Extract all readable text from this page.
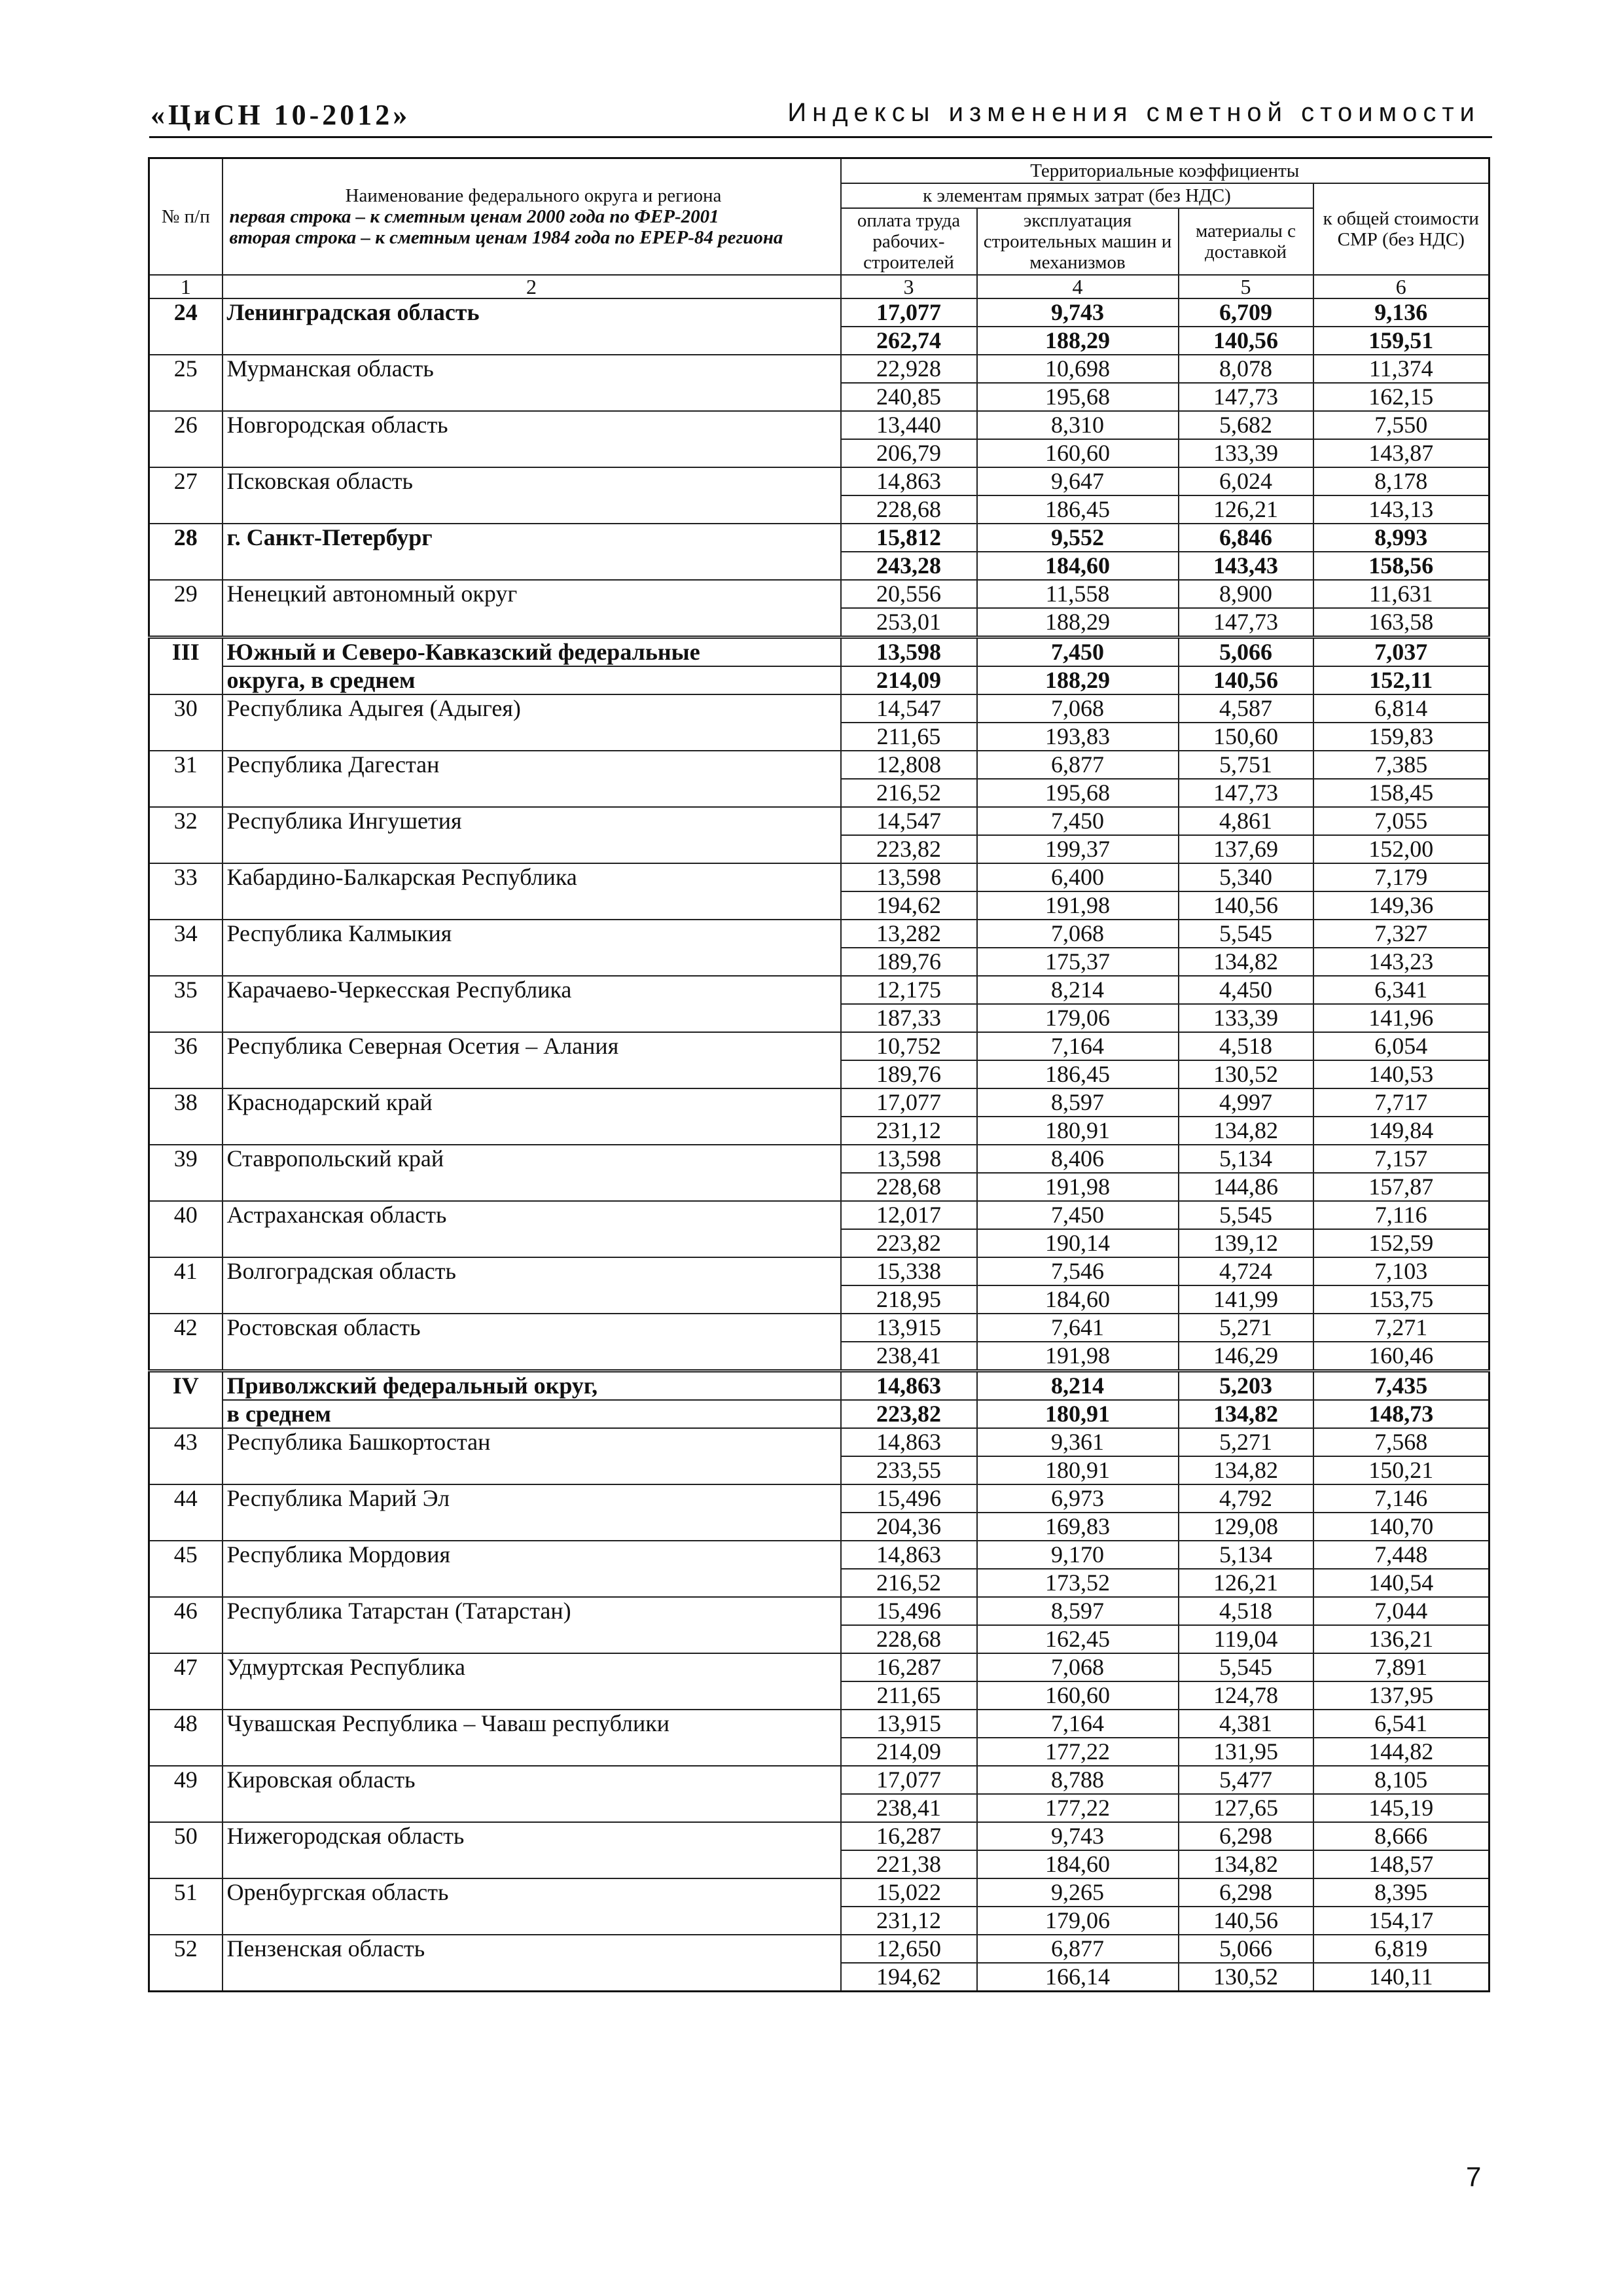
«ЦиСН 10-2012»	Индексы изменения сметной стоимости
№ п/п	Наименование федерального округа и региона
первая строка – к сметным ценам 2000 года по ФЕР-2001
вторая строка – к сметным ценам 1984 года по ЕРЕР-84 региона	Территориальные коэффициенты			
		к элементам прямых затрат (без НДС)			к общей стоимости СМР (без НДС)
		оплата труда рабочих-строителей	эксплуатация строительных машин и механизмов	материалы с доставкой	
1	2	3	4	5	6
24	Ленинградская область	17,077	9,743	6,709	9,136
		262,74	188,29	140,56	159,51
25	Мурманская область	22,928	10,698	8,078	11,374
		240,85	195,68	147,73	162,15
26	Новгородская область	13,440	8,310	5,682	7,550
		206,79	160,60	133,39	143,87
27	Псковская область	14,863	9,647	6,024	8,178
		228,68	186,45	126,21	143,13
28	г. Санкт-Петербург	15,812	9,552	6,846	8,993
		243,28	184,60	143,43	158,56
29	Ненецкий автономный округ	20,556	11,558	8,900	11,631
		253,01	188,29	147,73	163,58
III	Южный и Северо-Кавказский федеральные	13,598	7,450	5,066	7,037
	округа, в среднем	214,09	188,29	140,56	152,11
30	Республика Адыгея (Адыгея)	14,547	7,068	4,587	6,814
		211,65	193,83	150,60	159,83
31	Республика Дагестан	12,808	6,877	5,751	7,385
		216,52	195,68	147,73	158,45
32	Республика Ингушетия	14,547	7,450	4,861	7,055
		223,82	199,37	137,69	152,00
33	Кабардино-Балкарская Республика	13,598	6,400	5,340	7,179
		194,62	191,98	140,56	149,36
34	Республика Калмыкия	13,282	7,068	5,545	7,327
		189,76	175,37	134,82	143,23
35	Карачаево-Черкесская Республика	12,175	8,214	4,450	6,341
		187,33	179,06	133,39	141,96
36	Республика Северная Осетия – Алания	10,752	7,164	4,518	6,054
		189,76	186,45	130,52	140,53
38	Краснодарский край	17,077	8,597	4,997	7,717
		231,12	180,91	134,82	149,84
39	Ставропольский край	13,598	8,406	5,134	7,157
		228,68	191,98	144,86	157,87
40	Астраханская область	12,017	7,450	5,545	7,116
		223,82	190,14	139,12	152,59
41	Волгоградская область	15,338	7,546	4,724	7,103
		218,95	184,60	141,99	153,75
42	Ростовская область	13,915	7,641	5,271	7,271
		238,41	191,98	146,29	160,46
IV	Приволжский федеральный округ,	14,863	8,214	5,203	7,435
	в среднем	223,82	180,91	134,82	148,73
43	Республика Башкортостан	14,863	9,361	5,271	7,568
		233,55	180,91	134,82	150,21
44	Республика Марий Эл	15,496	6,973	4,792	7,146
		204,36	169,83	129,08	140,70
45	Республика Мордовия	14,863	9,170	5,134	7,448
		216,52	173,52	126,21	140,54
46	Республика Татарстан (Татарстан)	15,496	8,597	4,518	7,044
		228,68	162,45	119,04	136,21
47	Удмуртская Республика	16,287	7,068	5,545	7,891
		211,65	160,60	124,78	137,95
48	Чувашская Республика – Чаваш республики	13,915	7,164	4,381	6,541
		214,09	177,22	131,95	144,82
49	Кировская область	17,077	8,788	5,477	8,105
		238,41	177,22	127,65	145,19
50	Нижегородская область	16,287	9,743	6,298	8,666
		221,38	184,60	134,82	148,57
51	Оренбургская область	15,022	9,265	6,298	8,395
		231,12	179,06	140,56	154,17
52	Пензенская область	12,650	6,877	5,066	6,819
		194,62	166,14	130,52	140,11
7
